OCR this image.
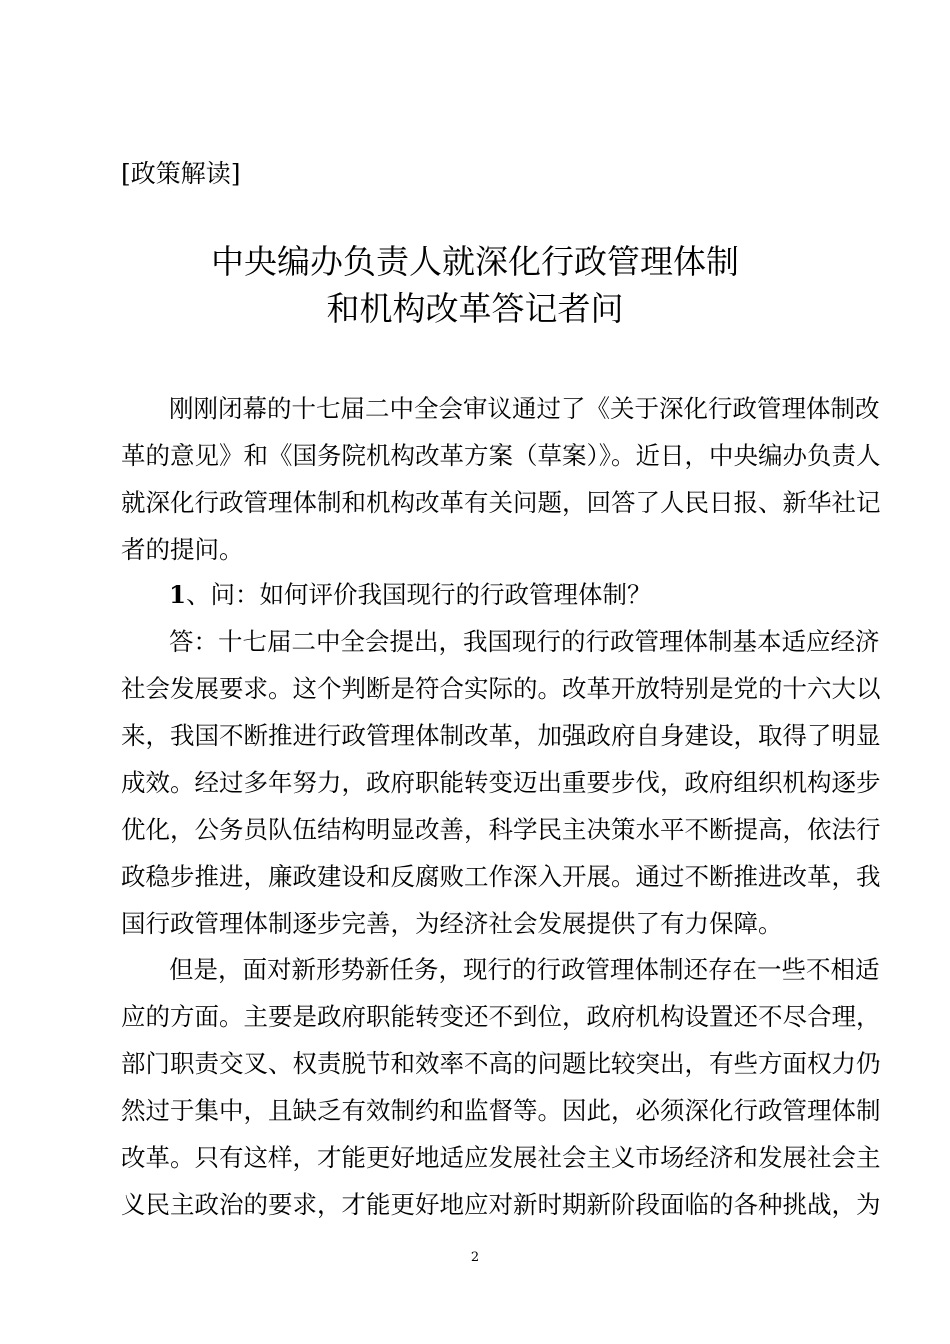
[政策解读]
中央编办负责人就深化行政管理体制
和机构改革答记者问
刚刚闭幕的十七届二中全会审议通过了《关于深化行政管理体制改
革的意见》和《国务院机构改革方案（草案）》。近日，中央编办负责人
就深化行政管理体制和机构改革有关问题，回答了人民日报、新华社记
者的提问。
1、问：如何评价我国现行的行政管理体制？
答：十七届二中全会提出，我国现行的行政管理体制基本适应经济
社会发展要求。这个判断是符合实际的。改革开放特别是党的十六大以
来，我国不断推进行政管理体制改革，加强政府自身建设，取得了明显
成效。经过多年努力，政府职能转变迈出重要步伐，政府组织机构逐步
优化，公务员队伍结构明显改善，科学民主决策水平不断提高，依法行
政稳步推进，廉政建设和反腐败工作深入开展。通过不断推进改革，我
国行政管理体制逐步完善，为经济社会发展提供了有力保障。
但是，面对新形势新任务，现行的行政管理体制还存在一些不相适
应的方面。主要是政府职能转变还不到位，政府机构设置还不尽合理，
部门职责交叉、权责脱节和效率不高的问题比较突出，有些方面权力仍
然过于集中，且缺乏有效制约和监督等。因此，必须深化行政管理体制
改革。只有这样，才能更好地适应发展社会主义市场经济和发展社会主
义民主政治的要求，才能更好地应对新时期新阶段面临的各种挑战，为
2
